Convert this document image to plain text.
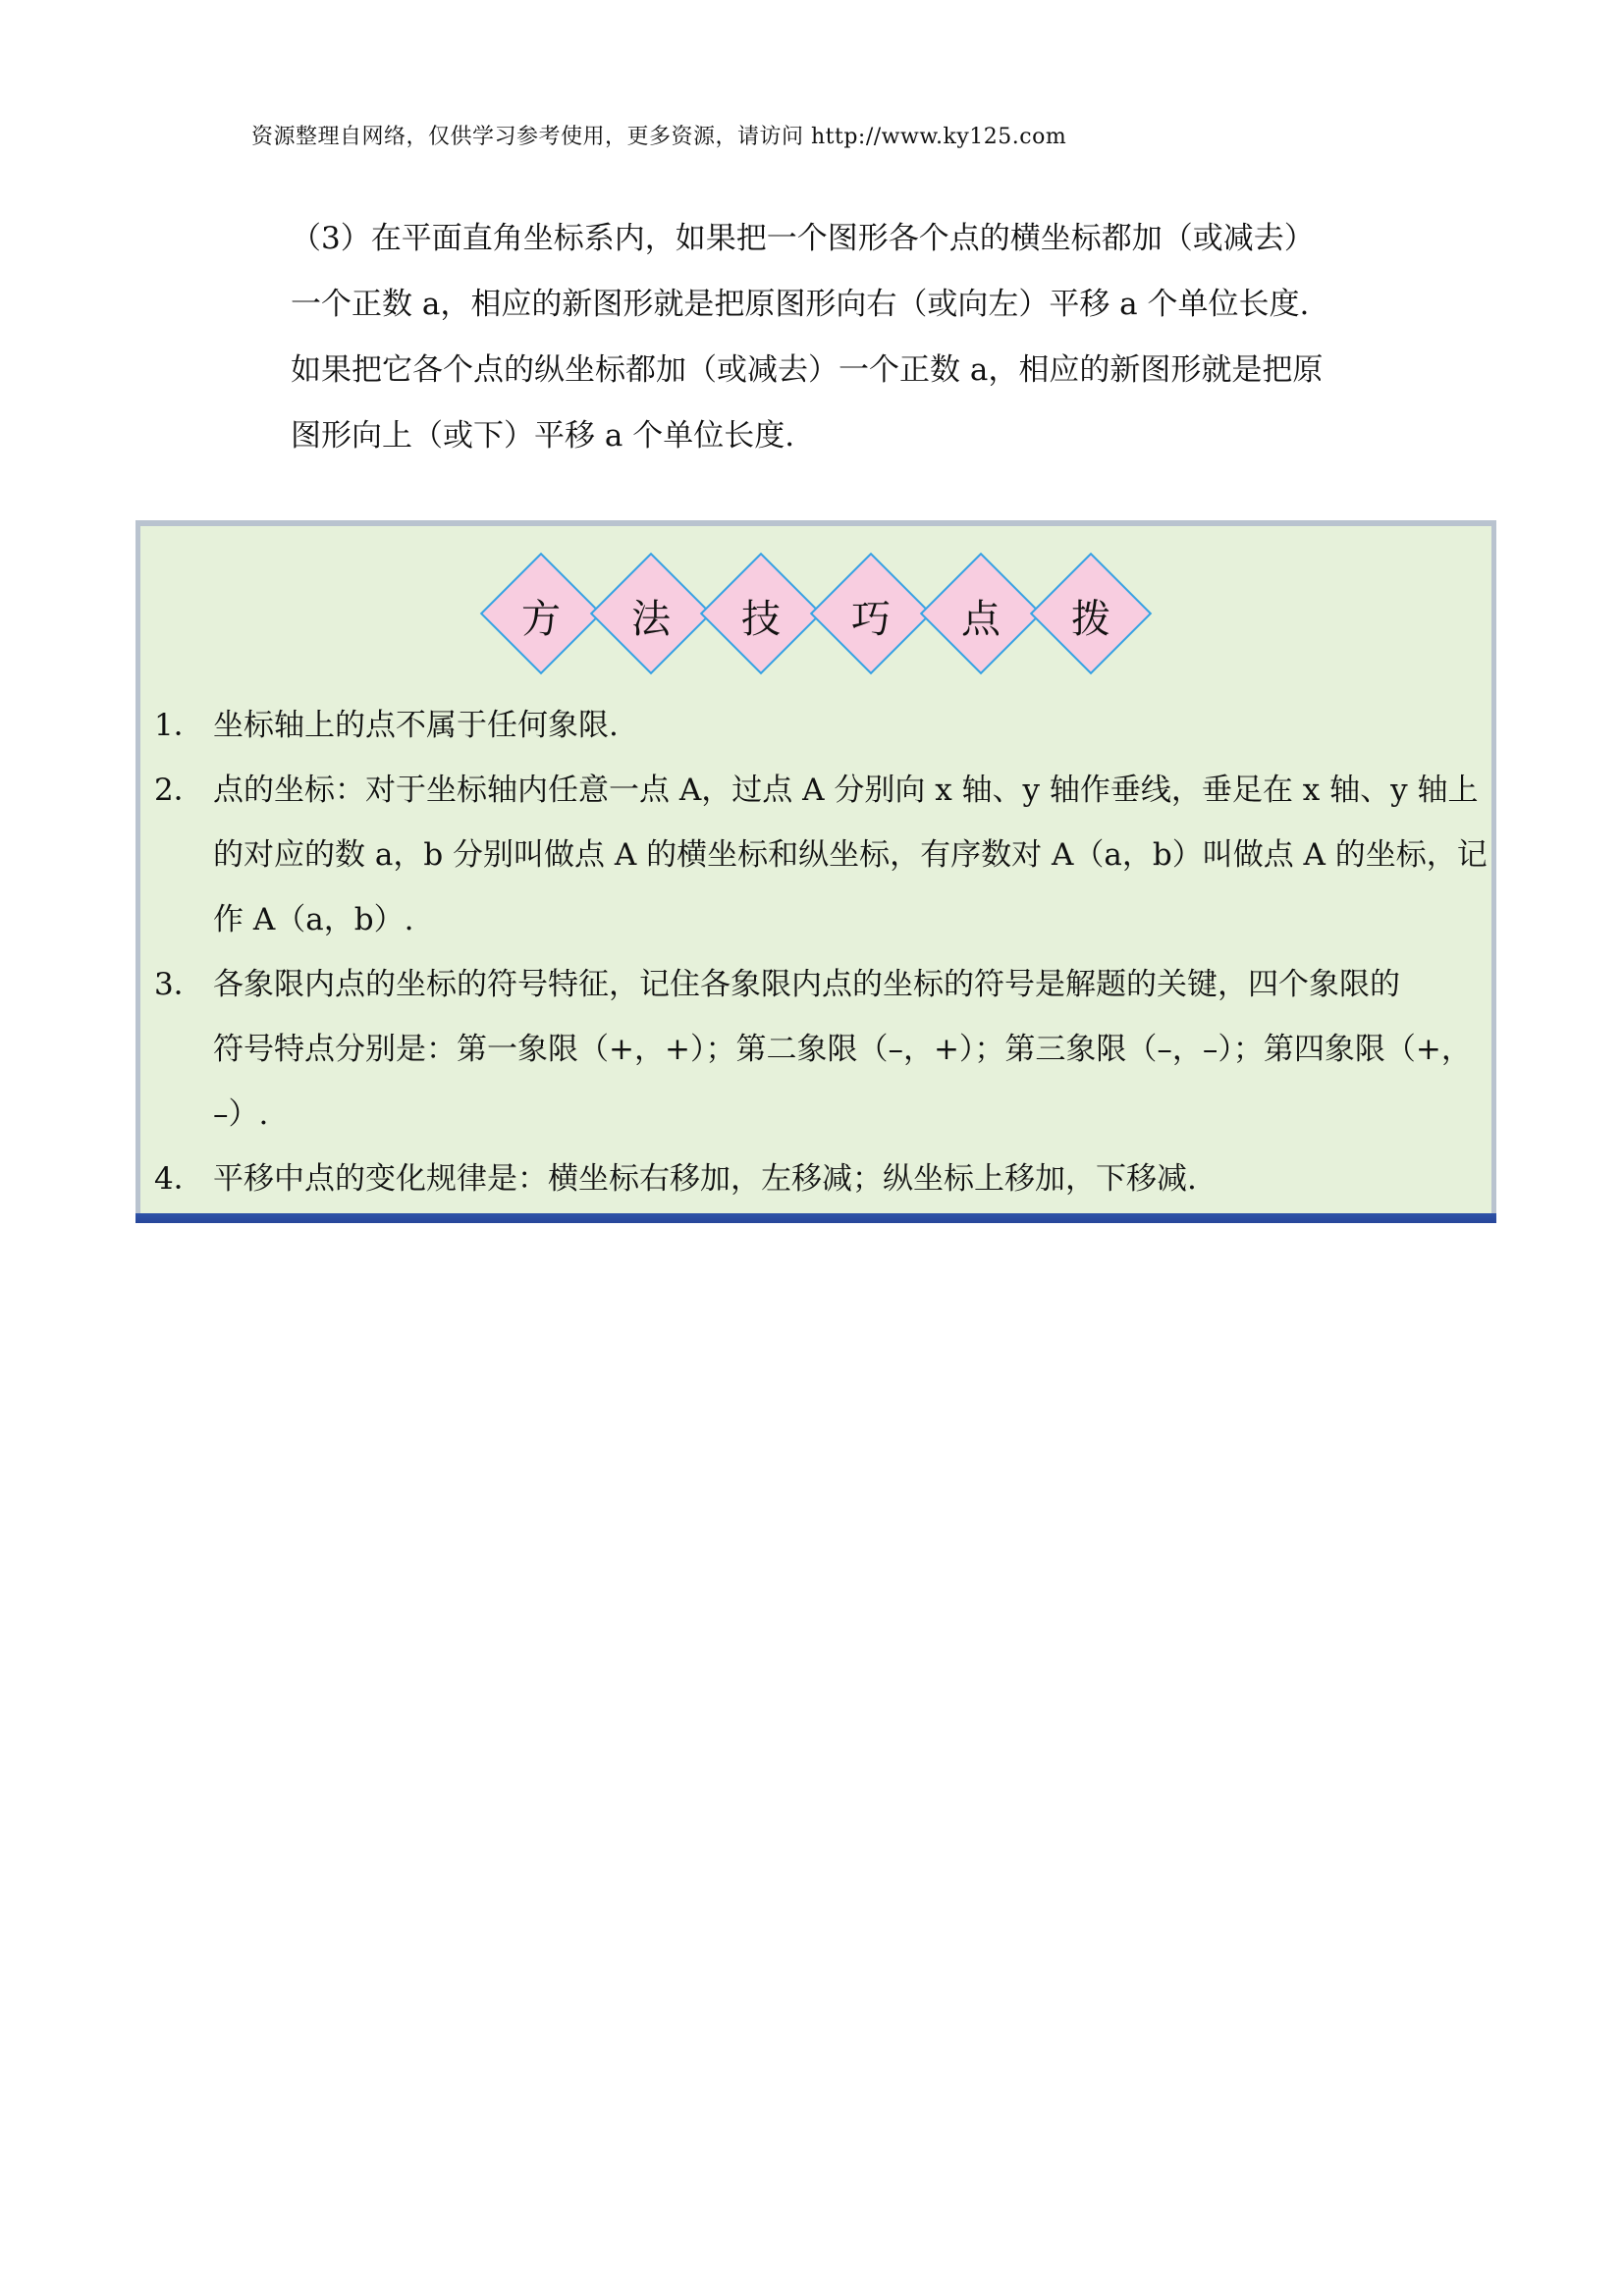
资源整理自网络，仅供学习参考使用，更多资源，请访问 http://www.ky125.com

（3）在平面直角坐标系内，如果把一个图形各个点的横坐标都加（或减去）

一个正数 a，相应的新图形就是把原图形向右（或向左）平移 a 个单位长度.

如果把它各个点的纵坐标都加（或减去）一个正数 a，相应的新图形就是把原

图形向上（或下）平移 a 个单位长度.

方	法	技	巧	点	拨
1． 坐标轴上的点不属于任何象限.
2． 点的坐标：对于坐标轴内任意一点 A，过点 A 分别向 x 轴、y 轴作垂线，垂足在 x 轴、y 轴上
的对应的数 a，b 分别叫做点 A 的横坐标和纵坐标，有序数对 A（a，b）叫做点 A 的坐标，记
作 A（a，b）.
3． 各象限内点的坐标的符号特征，记住各象限内点的坐标的符号是解题的关键，四个象限的
符号特点分别是：第一象限（+，+）；第二象限（–，+）；第三象限（–，–）；第四象限（+，
–）.
4． 平移中点的变化规律是：横坐标右移加，左移减；纵坐标上移加，下移减.
